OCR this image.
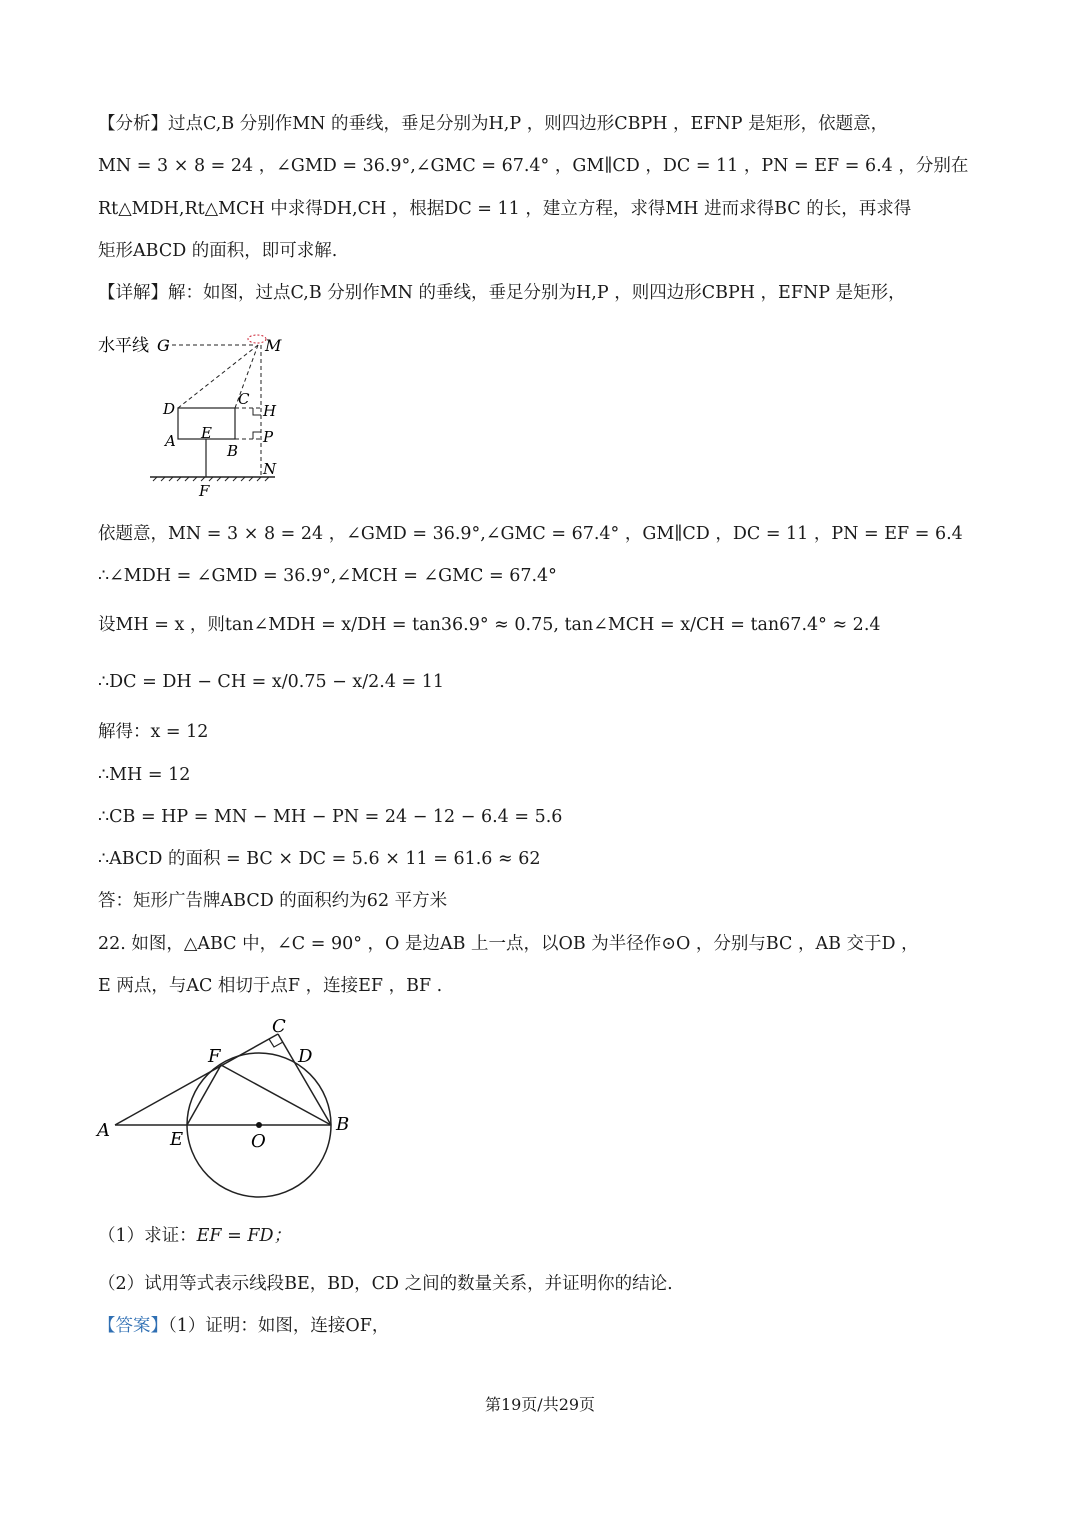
【分析】过点C,B 分别作MN 的垂线，垂足分别为H,P ，则四边形CBPH ，EFNP 是矩形，依题意，
MN = 3 × 8 = 24 ，∠GMD = 36.9°,∠GMC = 67.4° ，GM∥CD ，DC = 11 ，PN = EF = 6.4 ，分别在
Rt△MDH,Rt△MCH 中求得DH,CH ，根据DC = 11 ，建立方程，求得MH 进而求得BC 的长，再求得
矩形ABCD 的面积，即可求解.
【详解】解：如图，过点C,B 分别作MN 的垂线，垂足分别为H,P ，则四边形CBPH ，EFNP 是矩形，
水平线 G	M
D
C
H
A E	P
B
N
F
依题意，MN = 3 × 8 = 24 ，∠GMD = 36.9°,∠GMC = 67.4° ，GM∥CD ，DC = 11 ，PN = EF = 6.4
∴∠MDH = ∠GMD = 36.9°,∠MCH = ∠GMC = 67.4°
设MH = x ，则tan∠MDH = x/DH = tan36.9° ≈ 0.75, tan∠MCH = x/CH = tan67.4° ≈ 2.4
∴DC = DH − CH = x/0.75 − x/2.4 = 11
解得：x = 12
∴MH = 12
∴CB = HP = MN − MH − PN = 24 − 12 − 6.4 = 5.6
∴ABCD 的面积 = BC × DC = 5.6 × 11 = 61.6 ≈ 62
答：矩形广告牌ABCD 的面积约为62 平方米
22. 如图，△ABC 中，∠C = 90° ，O 是边AB 上一点，以OB 为半径作⊙O ，分别与BC ，AB 交于D ，
E 两点，与AC 相切于点F ，连接EF ，BF .
A	B
C
D
E
F
O
（1）求证：EF = FD；
（2）试用等式表示线段BE，BD，CD 之间的数量关系，并证明你的结论.
【答案】（1）证明：如图，连接OF，
第19页/共29页
